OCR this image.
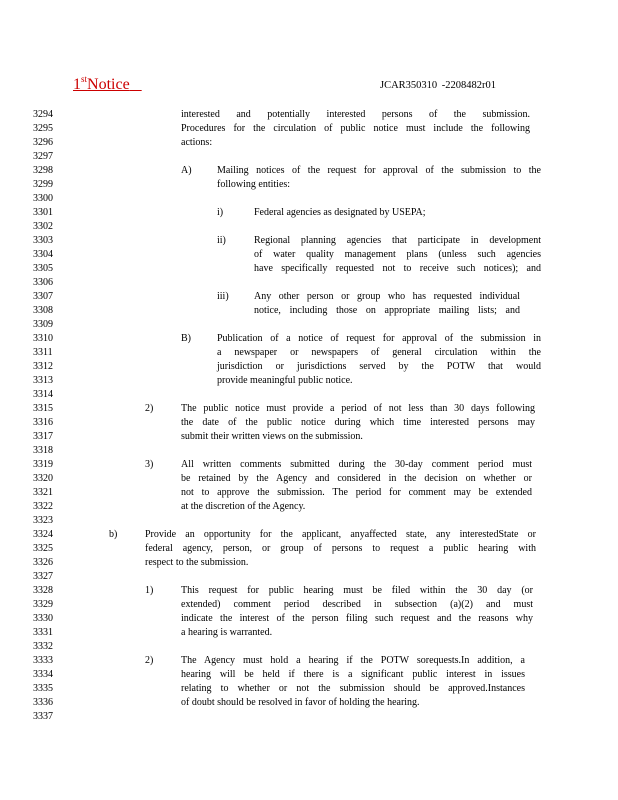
1stNotice	JCAR350310 -2208482r01
3294
3295
3296
3297
3298
3299
3300
3301
3302
3303
3304
3305
3306
3307
3308
3309
3310
3311
3312
3313
3314
3315
3316
3317
3318
3319
3320
3321
3322
3323
3324
3325
3326
3327
3328
3329
3330
3331
3332
3333
3334
3335
3336
3337
interested and potentially interested persons of the submission.
Procedures for the circulation of public notice must include the following
actions:
A)	Mailing notices of the request for approval of the submission to the
following entities:
i)	Federal agencies as designated by USEPA;
ii)	Regional planning agencies that participate in development
of water quality management plans (unless such agencies
have specifically requested not to receive such notices); and
iii)	Any other person or group who has requested individual
notice, including those on appropriate mailing lists; and
B)	Publication of a notice of request for approval of the submission in
a newspaper or newspapers of general circulation within the
jurisdiction or jurisdictions served by the POTW that would
provide meaningful public notice.
2)	The public notice must provide a period of not less than 30 days following
the date of the public notice during which time interested persons may
submit their written views on the submission.
3)	All written comments submitted during the 30-day comment period must
be retained by the Agency and considered in the decision on whether or
not to approve the submission. The period for comment may be extended
at the discretion of the Agency.
b)	Provide an opportunity for the applicant, anyaffected state, any interestedState or
federal agency, person, or group of persons to request a public hearing with
respect to the submission.
1)	This request for public hearing must be filed within the 30 day (or
extended) comment period described in subsection (a)(2) and must
indicate the interest of the person filing such request and the reasons why
a hearing is warranted.
2)	The Agency must hold a hearing if the POTW sorequests.In addition, a
hearing will be held if there is a significant public interest in issues
relating to whether or not the submission should be approved.Instances
of doubt should be resolved in favor of holding the hearing.
